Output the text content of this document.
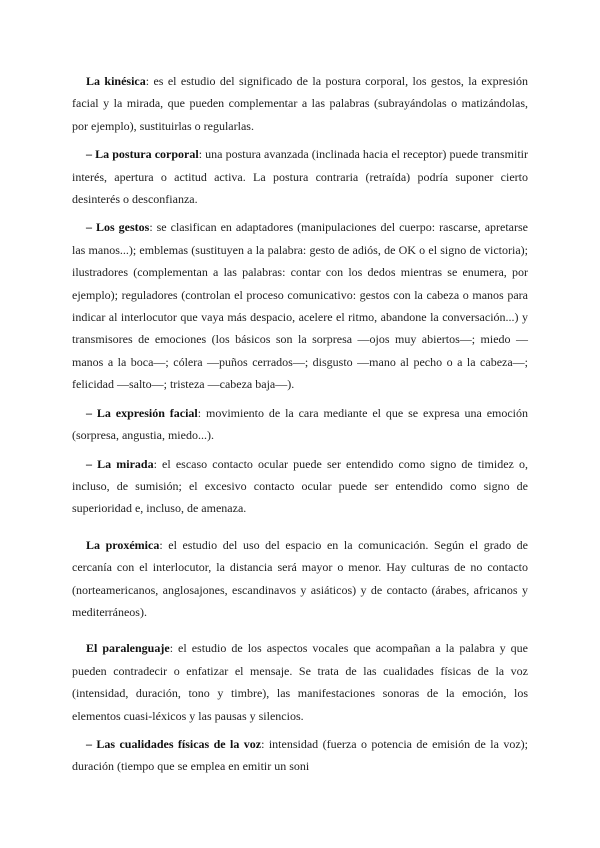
La kinésica: es el estudio del significado de la postura corporal, los gestos, la expresión facial y la mirada, que pueden complementar a las palabras (subrayándolas o matizándolas, por ejemplo), sustituirlas o regularlas.

– La postura corporal: una postura avanzada (inclinada hacia el receptor) puede transmitir interés, apertura o actitud activa. La postura contraria (retraída) podría suponer cierto desinterés o desconfianza.

– Los gestos: se clasifican en adaptadores (manipulaciones del cuerpo: rascarse, apretarse las manos...); emblemas (sustituyen a la palabra: gesto de adiós, de OK o el signo de victoria); ilustradores (complementan a las palabras: contar con los dedos mientras se enumera, por ejemplo); reguladores (controlan el proceso comunicativo: gestos con la cabeza o manos para indicar al interlocutor que vaya más despacio, acelere el ritmo, abandone la conversación...) y transmisores de emociones (los básicos son la sorpresa —ojos muy abiertos—; miedo —manos a la boca—; cólera —puños cerrados—; disgusto —mano al pecho o a la cabeza—; felicidad —salto—; tristeza —cabeza baja—).

– La expresión facial: movimiento de la cara mediante el que se expresa una emoción (sorpresa, angustia, miedo...).

– La mirada: el escaso contacto ocular puede ser entendido como signo de timidez o, incluso, de sumisión; el excesivo contacto ocular puede ser entendido como signo de superioridad e, incluso, de amenaza.

La proxémica: el estudio del uso del espacio en la comunicación. Según el grado de cercanía con el interlocutor, la distancia será mayor o menor. Hay culturas de no contacto (norteamericanos, anglosajones, escandinavos y asiáticos) y de contacto (árabes, africanos y mediterráneos).

El paralenguaje: el estudio de los aspectos vocales que acompañan a la palabra y que pueden contradecir o enfatizar el mensaje. Se trata de las cualidades físicas de la voz (intensidad, duración, tono y timbre), las manifestaciones sonoras de la emoción, los elementos cuasi-léxicos y las pausas y silencios.

– Las cualidades físicas de la voz: intensidad (fuerza o potencia de emisión de la voz); duración (tiempo que se emplea en emitir un soni
